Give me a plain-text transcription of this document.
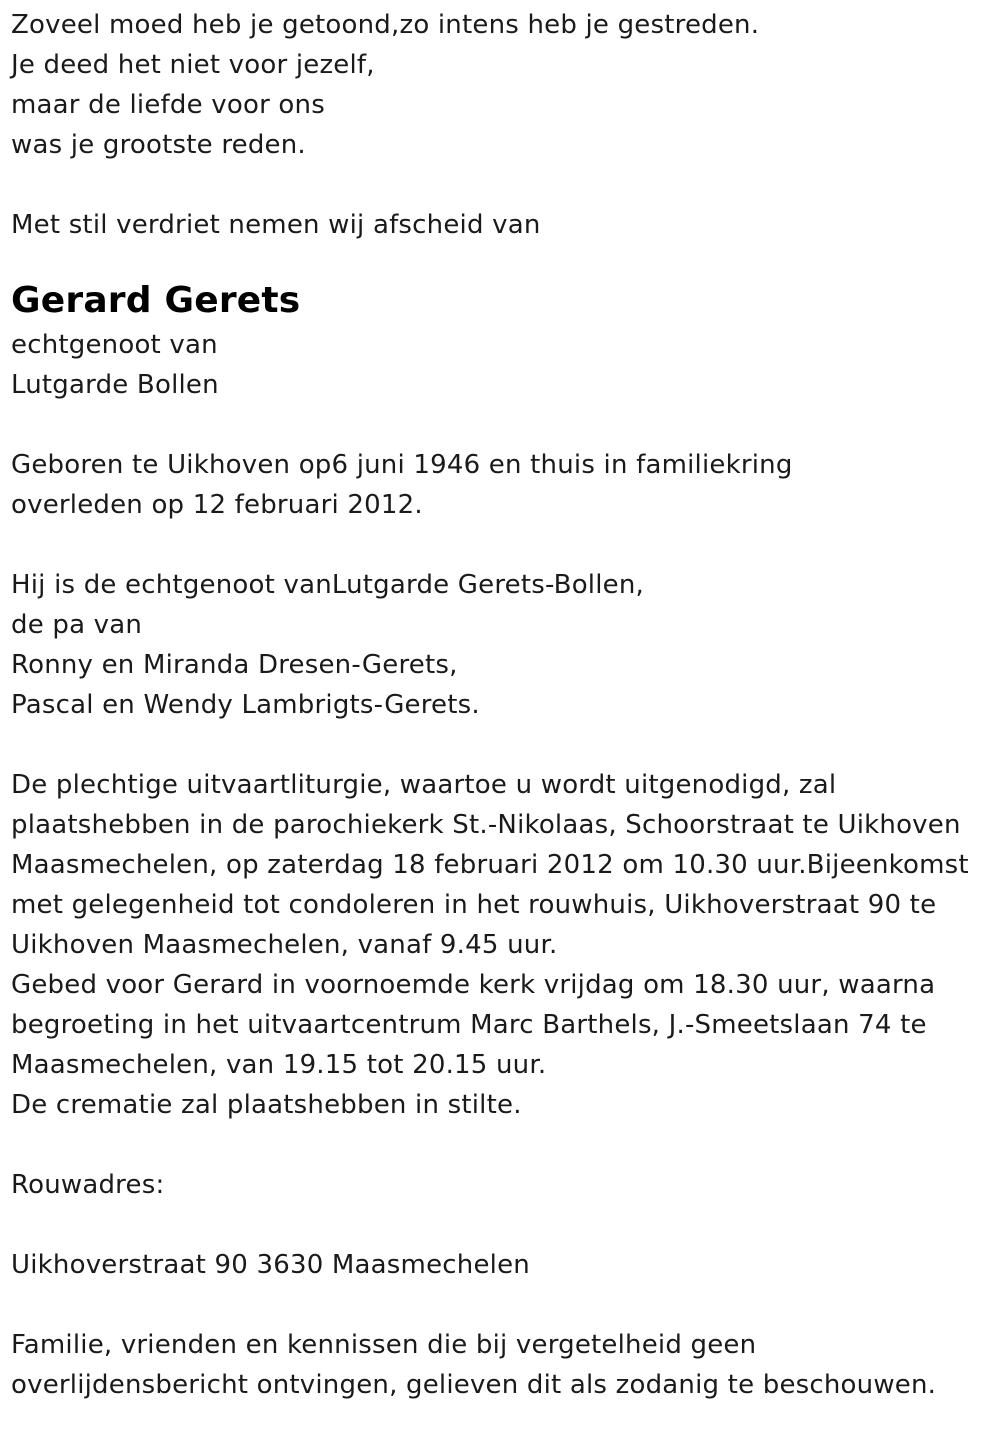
Zoveel moed heb je getoond,zo intens heb je gestreden.
Je deed het niet voor jezelf,
maar de liefde voor ons
was je grootste reden.
Met stil verdriet nemen wij afscheid van
Gerard Gerets
echtgenoot van
Lutgarde Bollen
Geboren te Uikhoven op6 juni 1946 en thuis in familiekring
overleden op 12 februari 2012.
Hij is de echtgenoot vanLutgarde Gerets-Bollen,
de pa van
Ronny en Miranda Dresen-Gerets,
Pascal en Wendy Lambrigts-Gerets.
De plechtige uitvaartliturgie, waartoe u wordt uitgenodigd, zal
plaatshebben in de parochiekerk St.-Nikolaas, Schoorstraat te Uikhoven
Maasmechelen, op zaterdag 18 februari 2012 om 10.30 uur.Bijeenkomst
met gelegenheid tot condoleren in het rouwhuis, Uikhoverstraat 90 te
Uikhoven Maasmechelen, vanaf 9.45 uur.
Gebed voor Gerard in voornoemde kerk vrijdag om 18.30 uur, waarna
begroeting in het uitvaartcentrum Marc Barthels, J.-Smeetslaan 74 te
Maasmechelen, van 19.15 tot 20.15 uur.
De crematie zal plaatshebben in stilte.
Rouwadres:
Uikhoverstraat 90 3630 Maasmechelen
Familie, vrienden en kennissen die bij vergetelheid geen
overlijdensbericht ontvingen, gelieven dit als zodanig te beschouwen.
